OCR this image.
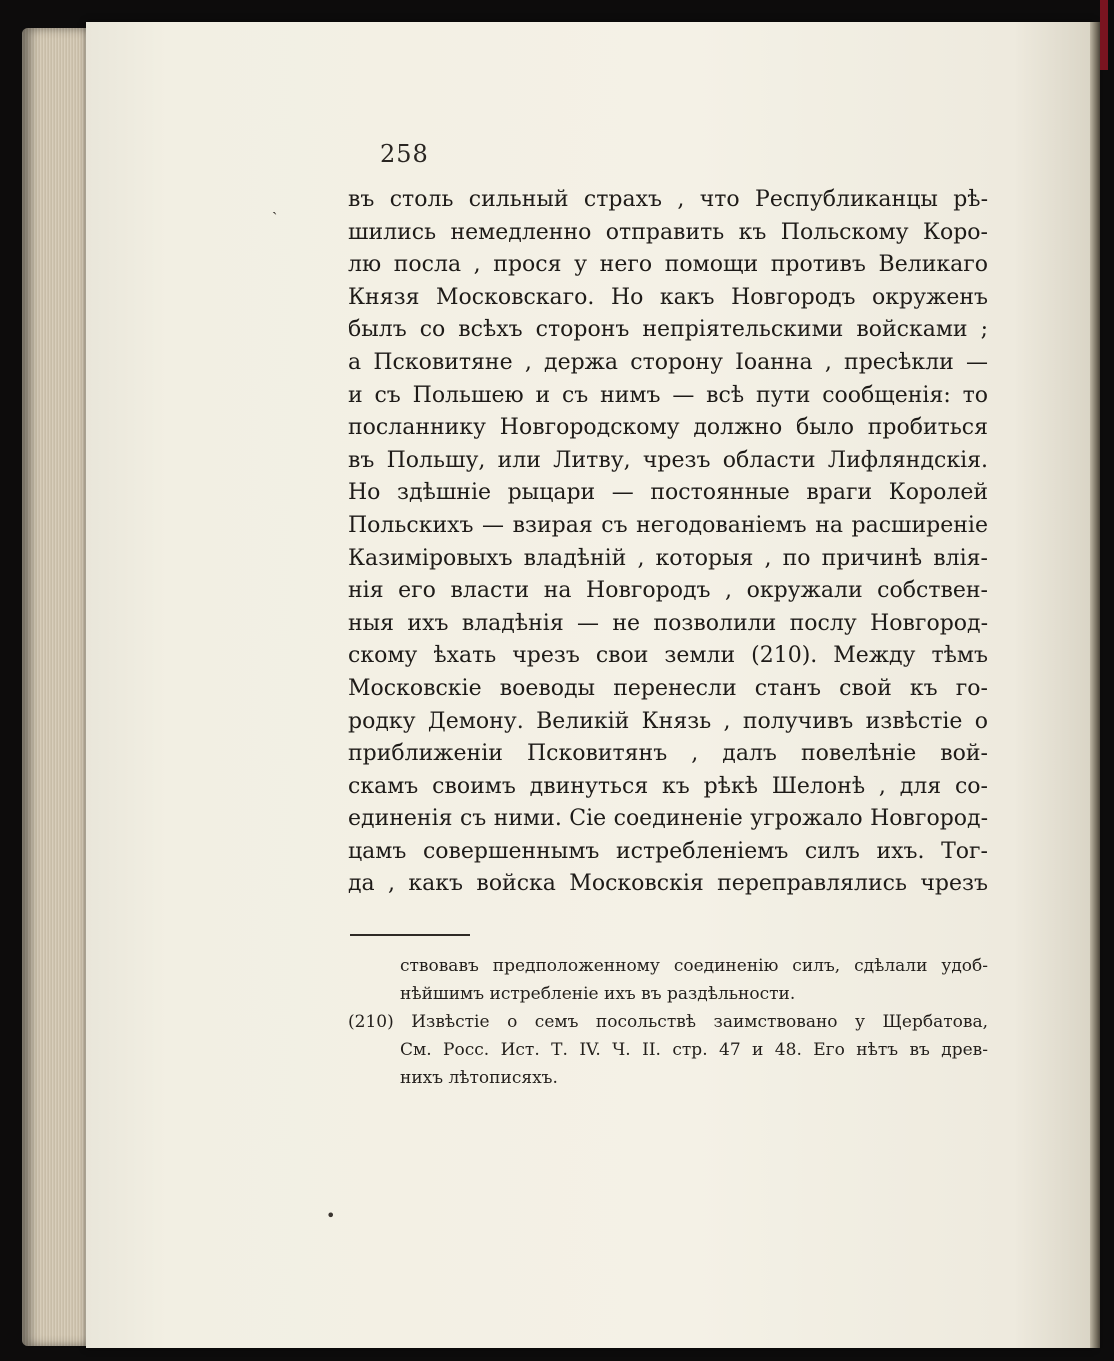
258
въ столь сильный страхъ , что Республиканцы рѣ-
шились немедленно отправить къ Польскому Коро-
лю посла , прося у него помощи противъ Великаго
Князя Московскаго. Но какъ Новгородъ окруженъ
былъ со всѣхъ сторонъ непріятельскими войсками ;
а Псковитяне , держа сторону Іоанна , пресѣкли —
и съ Польшею и съ нимъ — всѣ пути сообщенія: то
посланнику Новгородскому должно было пробиться
въ Польшу, или Литву, чрезъ области Лифляндскія.
Но здѣшніе рыцари — постоянные враги Королей
Польскихъ — взирая съ негодованіемъ на расширеніе
Казиміровыхъ владѣній , которыя , по причинѣ влія-
нія его власти на Новгородъ , окружали собствен-
ныя ихъ владѣнія — не позволили послу Новгород-
скому ѣхать чрезъ свои земли (210). Между тѣмъ
Московскіе воеводы перенесли станъ свой къ го-
родку Демону. Великій Князь , получивъ извѣстіе о
приближеніи Псковитянъ , далъ повелѣніе вой-
скамъ своимъ двинуться къ рѣкѣ Шелонѣ , для со-
единенія съ ними. Сіе соединеніе угрожало Новгород-
цамъ совершеннымъ истребленіемъ силъ ихъ. Тог-
да , какъ войска Московскія переправлялись чрезъ
ствовавъ предположенному соединенію силъ, сдѣлали удоб-
нѣйшимъ истребленіе ихъ въ раздѣльности.
(210) Извѣстіе о семъ посольствѣ заимствовано у Щербатова,
См. Росс. Ист. Т. IV. Ч. II. стр. 47 и 48. Его нѣтъ въ древ-
нихъ лѣтописяхъ.
ˏ
•
